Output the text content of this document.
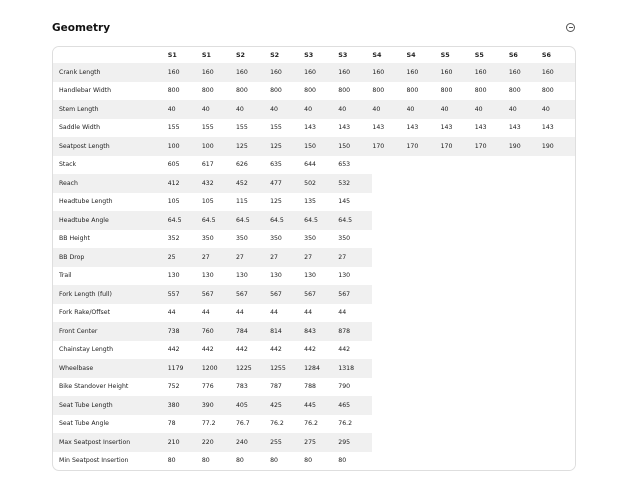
Geometry
	S1	S1	S2	S2	S3	S3	S4	S4	S5	S5	S6	S6
Crank Length	160	160	160	160	160	160	160	160	160	160	160	160
Handlebar Width	800	800	800	800	800	800	800	800	800	800	800	800
Stem Length	40	40	40	40	40	40	40	40	40	40	40	40
Saddle Width	155	155	155	155	143	143	143	143	143	143	143	143
Seatpost Length	100	100	125	125	150	150	170	170	170	170	190	190
Stack	605	617	626	635	644	653						
Reach	412	432	452	477	502	532						
Headtube Length	105	105	115	125	135	145						
Headtube Angle	64.5	64.5	64.5	64.5	64.5	64.5						
BB Height	352	350	350	350	350	350						
BB Drop	25	27	27	27	27	27						
Trail	130	130	130	130	130	130						
Fork Length (full)	557	567	567	567	567	567						
Fork Rake/Offset	44	44	44	44	44	44						
Front Center	738	760	784	814	843	878						
Chainstay Length	442	442	442	442	442	442						
Wheelbase	1179	1200	1225	1255	1284	1318						
Bike Standover Height	752	776	783	787	788	790						
Seat Tube Length	380	390	405	425	445	465						
Seat Tube Angle	78	77.2	76.7	76.2	76.2	76.2						
Max Seatpost Insertion	210	220	240	255	275	295						
Min Seatpost Insertion	80	80	80	80	80	80						
